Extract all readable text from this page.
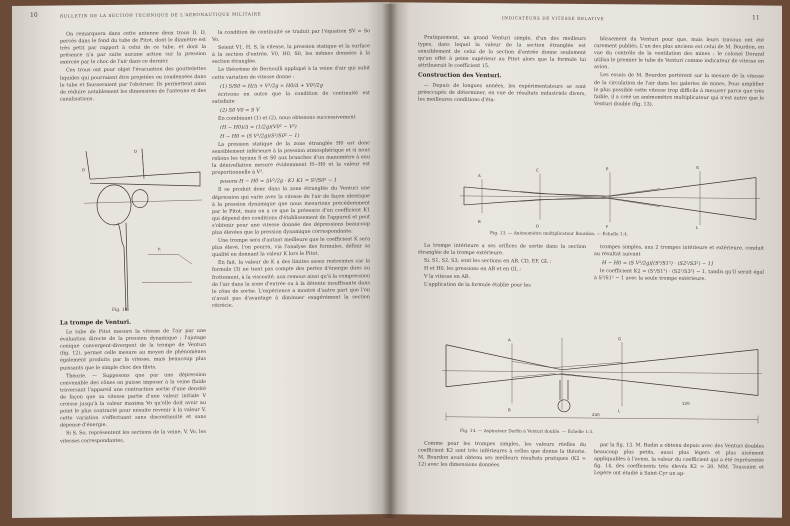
10	BULLETIN DE LA SECTION TECHNIQUE DE L'AÉRONAUTIQUE MILITAIRE

On remarquera dans cette antenne deux trous D, D, percés dans le fond du tube de Pitot, dont le diamètre est très petit par rapport à celui de ce tube, et dont la présence n'a par suite aucune action sur la pression exercée par le choc de l'air dans ce dernier.

Ces trous ont pour objet l'évacuation des gouttelettes liquides qui pourraient être projetées ou condensées dans le tube et fausseraient par l'obstruer. Ils permettent ainsi de réduire notablement les dimensions de l'antenne et des canalisations.

D
D
h
Fig. 10.
La trompe de Venturi.

Le tube de Pitot mesure la vitesse de l'air par une évaluation directe de la pression dynamique ; l'ajutage conique convergent-divergent de la trompe de Venturi (fig. 12), permet celle mesure au moyen de phénomènes également produits par la vitesse, mais beaucoup plus puissants que le simple choc des filets.

Théorie. — Supposons que par une dépression convenable des cônes on puisse imposer à la veine fluide traversant l'appareil une contraction sortie d'une densité de façon que sa vitesse partie d'une valeur initiale V croisse jusqu'à la valeur maxima Vo qu'elle doit avoir au point le plus contracté pour ensuite revenir à la valeur V, cette variation s'effectuant sans discontinuité et sans dépense d'énergie.

Si S, So, représentent les sections de la veine, V, Vo, les vitesses correspondantes,

la condition de continuité se traduit par l'équation SV = So Vo.

Soient V1, H, S, la vitesse, la pression statique et la surface à la section d'entrée, V0, H0, S0, les mêmes données à la section étranglée.

Le théorème de Bernoulli appliqué à la veine d'air qui subit cette variation de vitesse donne :

(1) S/S0 = H/Δ + V²/2g = H0/Δ + V0²/2g

écrivons en outre que la condition de continuité est satisfaite

(2) S0 V0 = S V

En combinant (1) et (2), nous obtenons successivement

(H − H0)/Δ = (1/2g)(V0² − V²)
H − H0 = (S V²/2g)(S²/S0² − 1)

La pression statique de la zone étranglée H0 est donc sensiblement inférieure à la pression atmosphérique et si nous relions les tuyaux S et S0 aux branches d'un manomètre à eau la dénivellation mesure évidemment H−H0 et la valeur est proportionnelle à V².

posons H − H0 = ΔV²/2g · K1 K1 = S²/S0² − 1

Il se produit donc dans la zone étranglée du Venturi une dépression qui varie avec la vitesse de l'air de façon identique à la pression dynamique que nous mesurions précédemment par le Pitot, mais on a ce que la présence d'un coefficient K1 qui dépend des conditions d'établissement de l'appareil et peut s'obtenir pour une vitesse donnée des dépressions beaucoup plus élevées que la pression dynamique correspondante.

Une trompe sera d'autant meilleure que le coefficient K sera plus élevé, l'on pourra, via l'analyse des formules, définir sa qualité en donnant la valeur K lors le Pitot.

En fait, la valeur de K a des limites assez restreintes car la formule (3) ne tient pas compte des pertes d'énergie dues au frottement, à la viscosité, aux remous ainsi qu'à la compression de l'air dans la zone d'entrée ou à la détente insuffisante dans le cône de sortie. L'expérience a montré d'autre part que l'on n'avait pas d'avantage à diminuer exagérément la section rétrécie.

INDICATEURS DE VITESSE RELATIVE	11

Pratiquement, un grand Venturi simple, d'un des meilleurs types, dans lequel la valeur de la section étranglée est sensiblement de celui de la section d'entrée donne seulement qu'un effet à peine supérieur au Pitot alors que la formule lui attribuerait le coefficient 15.

Construction des Venturi.

— Depuis de longues années, les expérimentateurs se sont préoccupés de déterminer, en vue de résultats industriels divers, les meilleures conditions d'éta-

blissement du Venturi pour que, mais leurs travaux ont été rarement publiés. L'un des plus anciens est celui de M. Bourdon, en vue du contrôle de la ventilation des mines : le colonel Dorand utilisa le premier le tube de Venturi comme indicateur de vitesse en avion.

Les essais de M. Bourdon portèrent sur la mesure de la vitesse de la circulation de l'air dans les galeries de mines. Pour amplifier le plus possible cette vitesse trop difficile à mesurer parce que très faible, il a créé un anémomètre multiplicateur qui n'est autre que le Venturi double (fig. 13).

A
B
C
D
E
F
G
L
Fig. 13. — Anémomètre multiplicateur Bourdon. — Échelle 1:4.

La trompe intérieure a ses orifices de sortie dans la section étranglée de la trompe extérieure.

Si, S1, S2, S3, sont les sections en AB, CD, EF, GL ;

H et H0, les pressions en AB et en GL ;

V la vitesse en AB.

L'application de la formule établie pour les

trompes simples, aux 2 trompes intérieure et extérieure, conduit au résultat suivant

H − H0 = (S V²/2g)[(S²/S1²) · (S2²/S3²) − 1]

le coefficient K2 = (S²/S1²) · (S2²/S3²) − 1, tandis qu'il serait égal à S²/S1² − 1 avec la seule trompe extérieure.

A
B
G
L
240
120
Fig. 14. — Aspirateur Dorfin à Venturi double. — Échelle 1:3.

Comme pour les trompes simples, les valeurs réelles du coefficient K2 sont très inférieures à celles que donne la théorie. M. Bourdon avait obtenu ses meilleurs résultats pratiques (K2 = 12) avec les dimensions données

par la fig. 13. M. Badin a obtenu depuis avec des Venturi doubles beaucoup plus petits, aussi plus légers et plus aisément appliquables à l'avion, la valeur du coefficient qui a été représentée fig. 14, des coefficients très élevés K2 = 30. MM. Toussaint et Lepère ont étudié à Saint-Cyr un ap-
